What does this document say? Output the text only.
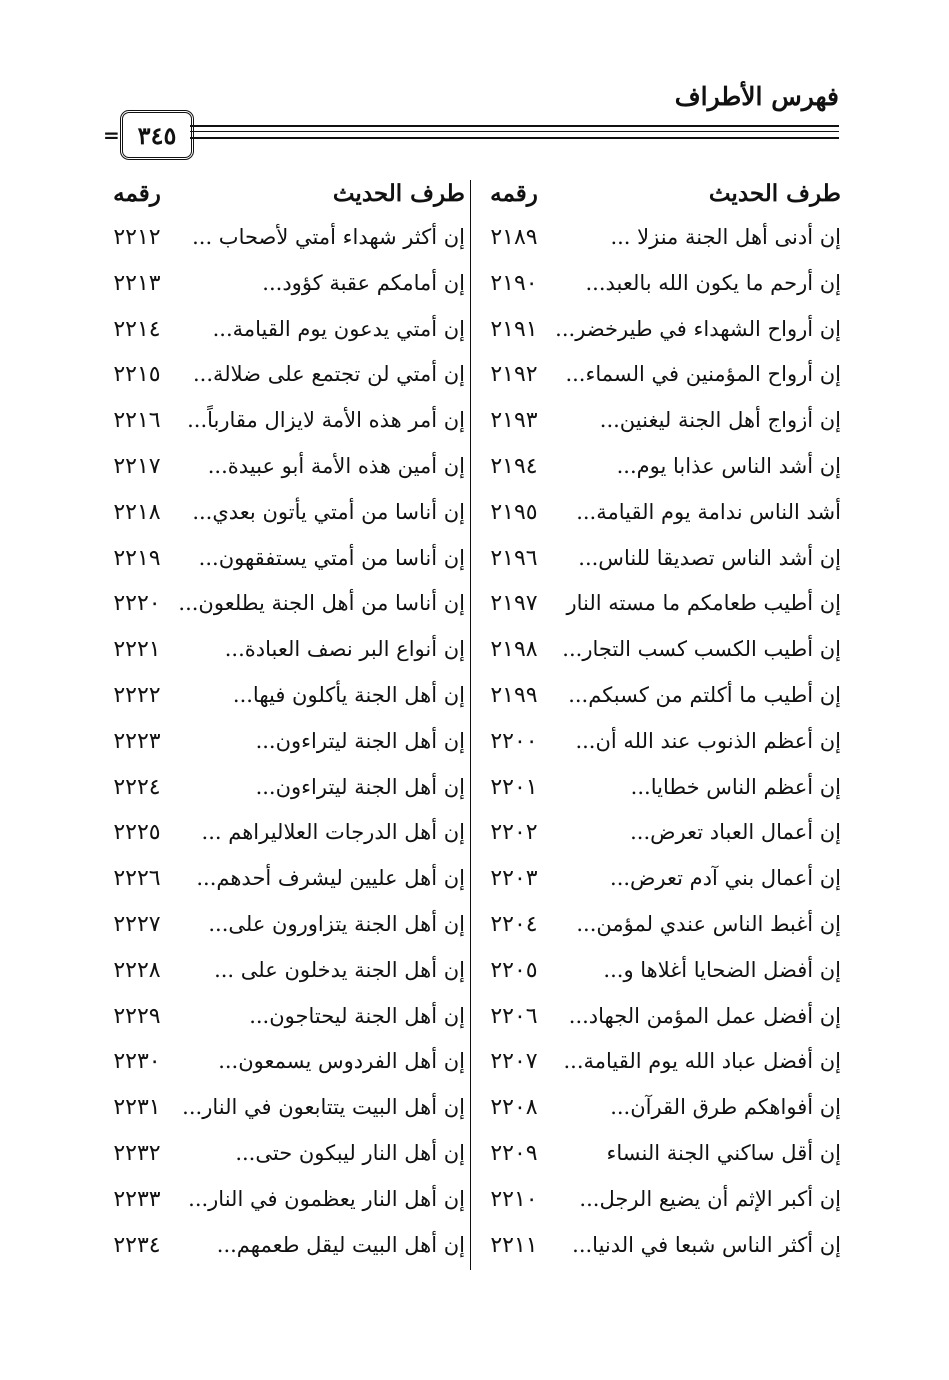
فهرس الأطراف
٣٤٥
=
طرف الحديث
رقمه
طرف الحديث
رقمه
إن أدنى أهل الجنة منزلا ...
٢١٨٩
إن أكثر شهداء أمتي لأصحاب ...
٢٢١٢
إن أرحم ما يكون الله بالعبد...
٢١٩٠
إن أمامكم عقبة كؤود...
٢٢١٣
إن أرواح الشهداء في طيرخضر...
٢١٩١
إن أمتي يدعون يوم القيامة...
٢٢١٤
إن أرواح المؤمنين في السماء...
٢١٩٢
إن أمتي لن تجتمع على ضلالة...
٢٢١٥
إن أزواج أهل الجنة ليغنين...
٢١٩٣
إن أمر هذه الأمة لايزال مقارباً...
٢٢١٦
إن أشد الناس عذابا يوم...
٢١٩٤
إن أمين هذه الأمة أبو عبيدة...
٢٢١٧
أشد الناس ندامة يوم القيامة...
٢١٩٥
إن أناسا من أمتي يأتون بعدي...
٢٢١٨
إن أشد الناس تصديقا للناس...
٢١٩٦
إن أناسا من أمتي يستفقهون...
٢٢١٩
إن أطيب طعامكم ما مسته النار
٢١٩٧
إن أناسا من أهل الجنة يطلعون...
٢٢٢٠
إن أطيب الكسب كسب التجار...
٢١٩٨
إن أنواع البر نصف العبادة...
٢٢٢١
إن أطيب ما أكلتم من كسبكم...
٢١٩٩
إن أهل الجنة يأكلون فيها...
٢٢٢٢
إن أعظم الذنوب عند الله أن...
٢٢٠٠
إن أهل الجنة ليتراءون...
٢٢٢٣
إن أعظم الناس خطايا...
٢٢٠١
إن أهل الجنة ليتراءون...
٢٢٢٤
إن أعمال العباد تعرض...
٢٢٠٢
إن أهل الدرجات العلاليراهم ...
٢٢٢٥
إن أعمال بني آدم تعرض...
٢٢٠٣
إن أهل عليين ليشرف أحدهم...
٢٢٢٦
إن أغبط الناس عندي لمؤمن...
٢٢٠٤
إن أهل الجنة يتزاورون على...
٢٢٢٧
إن أفضل الضحايا أغلاها و...
٢٢٠٥
إن أهل الجنة يدخلون على ...
٢٢٢٨
إن أفضل عمل المؤمن الجهاد...
٢٢٠٦
إن أهل الجنة ليحتاجون...
٢٢٢٩
إن أفضل عباد الله يوم القيامة...
٢٢٠٧
إن أهل الفردوس يسمعون...
٢٢٣٠
إن أفواهكم طرق القرآن...
٢٢٠٨
إن أهل البيت يتتابعون في النار...
٢٢٣١
إن أقل ساكني الجنة النساء
٢٢٠٩
إن أهل النار ليبكون حتى...
٢٢٣٢
إن أكبر الإثم أن يضيع الرجل...
٢٢١٠
إن أهل النار يعظمون في النار...
٢٢٣٣
إن أكثر الناس شبعا في الدنيا...
٢٢١١
إن أهل البيت ليقل طعمهم...
٢٢٣٤
